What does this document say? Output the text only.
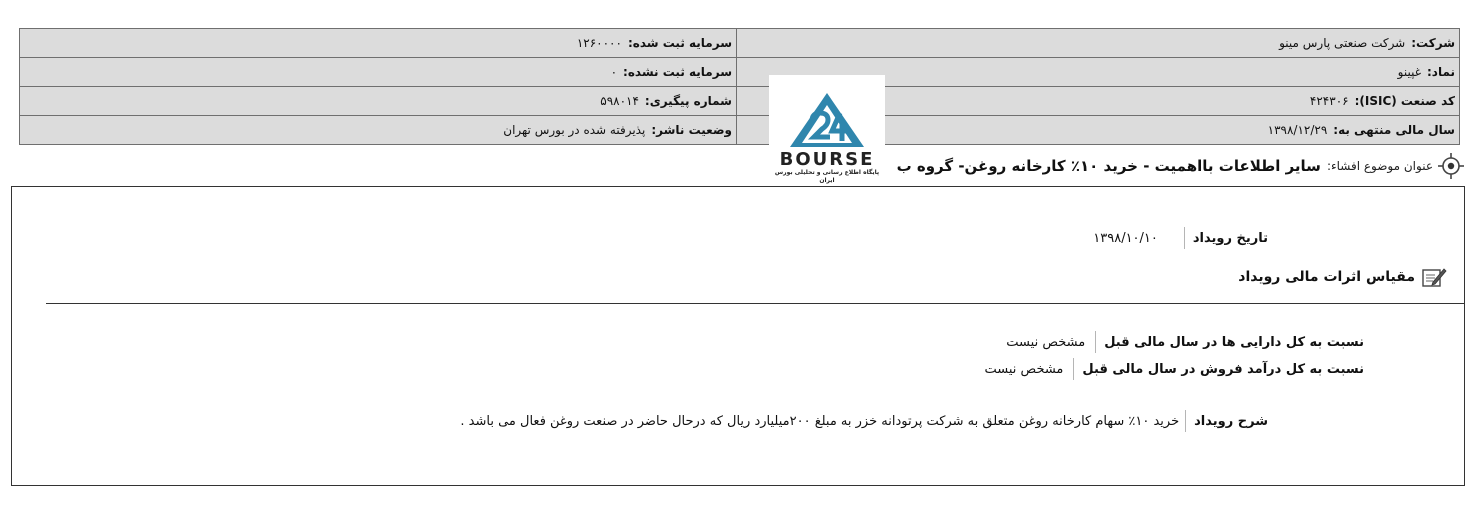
شرکت:شرکت صنعتی پارس مینو	سرمایه ثبت شده:۱۲۶۰۰۰۰
نماد:غپینو	سرمایه ثبت نشده:۰
کد صنعت (ISIC):۴۲۴۳۰۶	شماره پیگیری:۵۹۸۰۱۴
سال مالی منتهی به:۱۳۹۸/۱۲/۲۹	وضعیت ناشر:پذیرفته شده در بورس تهران
BOURSE
پایگاه اطلاع رسانی و تحلیلی بورس ایران
عنوان موضوع افشاء:
سایر اطلاعات بااهمیت - خرید ۱۰٪ کارخانه روغن- گروه ب
تاریخ رویداد
۱۳۹۸/۱۰/۱۰
مقیاس اثرات مالی رویداد
نسبت به کل دارایی ها در سال مالی قبل
مشخص نیست
نسبت به کل درآمد فروش در سال مالی قبل
مشخص نیست
شرح رویداد
خرید ۱۰٪ سهام کارخانه روغن متعلق به شرکت پرتودانه خزر به مبلغ ۲۰۰میلیارد ریال که درحال حاضر در صنعت روغن فعال می باشد .
